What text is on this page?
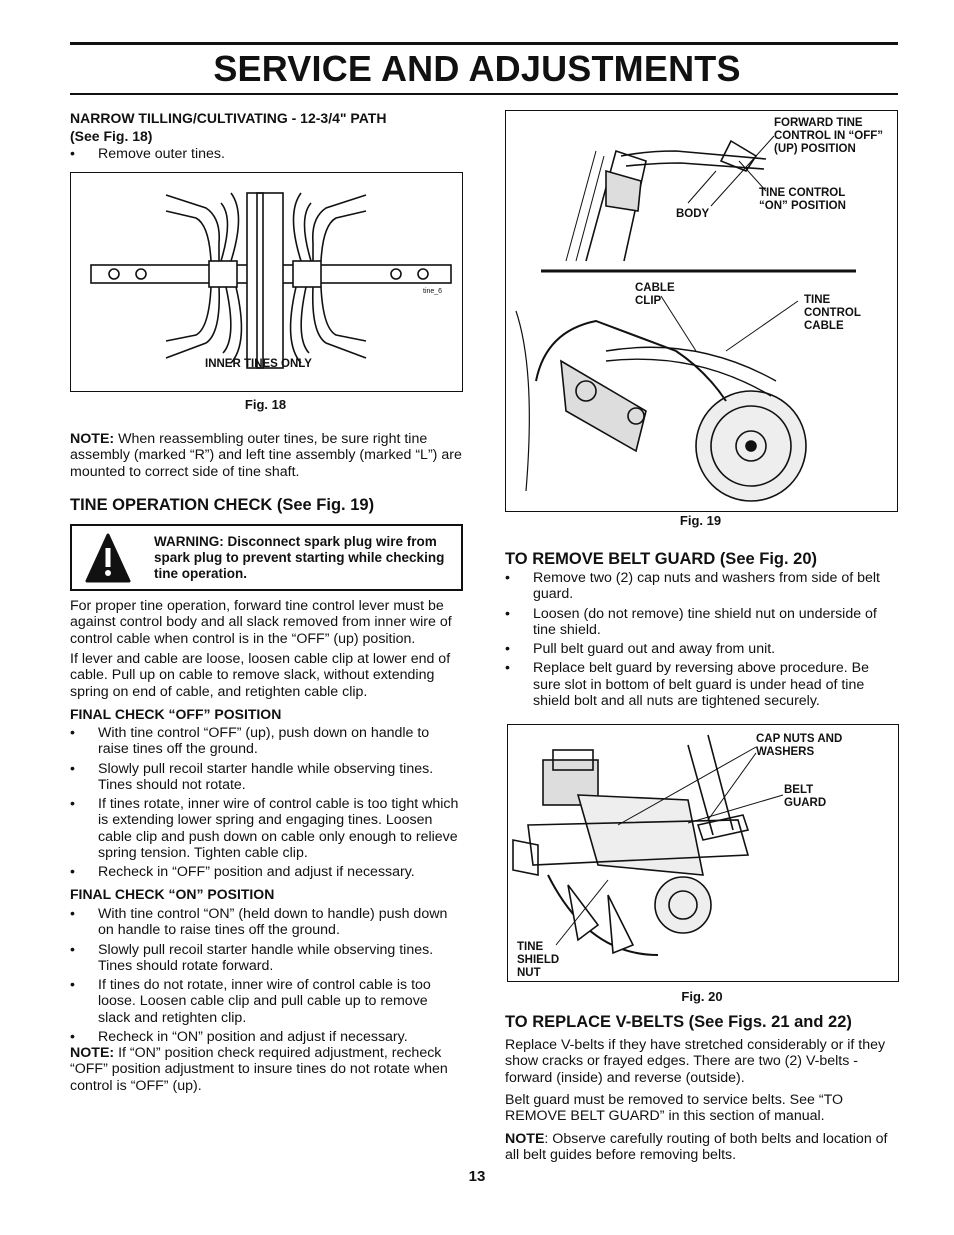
SERVICE AND ADJUSTMENTS
NARROW TILLING/CULTIVATING - 12-3/4" PATH
(See Fig. 18)
• Remove outer tines.
INNER TINES ONLY
tine_6
Fig. 18
NOTE: When reassembling outer tines, be sure right tine assembly (marked “R”) and left tine assembly (marked “L”) are mounted to correct side of tine shaft.
TINE OPERATION CHECK (See Fig. 19)
WARNING: Disconnect spark plug wire from spark plug to prevent starting while checking tine operation.
For proper tine operation, forward tine control lever must be against control body and all slack removed from inner wire of control cable when control is in the “OFF” (up) position.
If lever and cable are loose, loosen cable clip at lower end of cable. Pull up on cable to remove slack, without extending spring on end of cable, and retighten cable clip.
FINAL CHECK “OFF” POSITION
• With tine control “OFF” (up), push down on handle to raise tines off the ground.
• Slowly pull recoil starter handle while observing tines. Tines should not rotate.
• If tines rotate, inner wire of control cable is too tight which is extending lower spring and engaging tines. Loosen cable clip and push down on cable only enough to relieve spring tension. Tighten cable clip.
• Recheck in “OFF” position and adjust if necessary.
FINAL CHECK “ON” POSITION
• With tine control “ON” (held down to handle) push down on handle to raise tines off the ground.
• Slowly pull recoil starter handle while observing tines. Tines should rotate forward.
• If tines do not rotate, inner wire of control cable is too loose. Loosen cable clip and pull cable up to remove slack and retighten clip.
• Recheck in “ON” position and adjust if necessary.
NOTE: If “ON” position check required adjustment, recheck “OFF” position adjustment to insure tines do not rotate when control is “OFF” (up).
FORWARD TINE CONTROL IN “OFF” (UP) POSITION
TINE CONTROL “ON” POSITION
BODY
CABLE CLIP	TINE CONTROL CABLE
Fig. 19
TO REMOVE BELT GUARD (See Fig. 20)
• Remove two (2) cap nuts and washers from side of belt guard.
• Loosen (do not remove) tine shield nut on underside of tine shield.
• Pull belt guard out and away from unit.
• Replace belt guard by reversing above procedure. Be sure slot in bottom of belt guard is under head of tine shield bolt and all nuts are tightened securely.
CAP NUTS AND WASHERS
BELT GUARD
TINE SHIELD NUT
Fig. 20
TO REPLACE V-BELTS (See Figs. 21 and 22)
Replace V-belts if they have stretched considerably or if they show cracks or frayed edges. There are two (2) V-belts - forward (inside) and reverse (outside).
Belt guard must be removed to service belts. See “TO REMOVE BELT GUARD” in this section of manual.
NOTE: Observe carefully routing of both belts and location of all belt guides before removing belts.
13
